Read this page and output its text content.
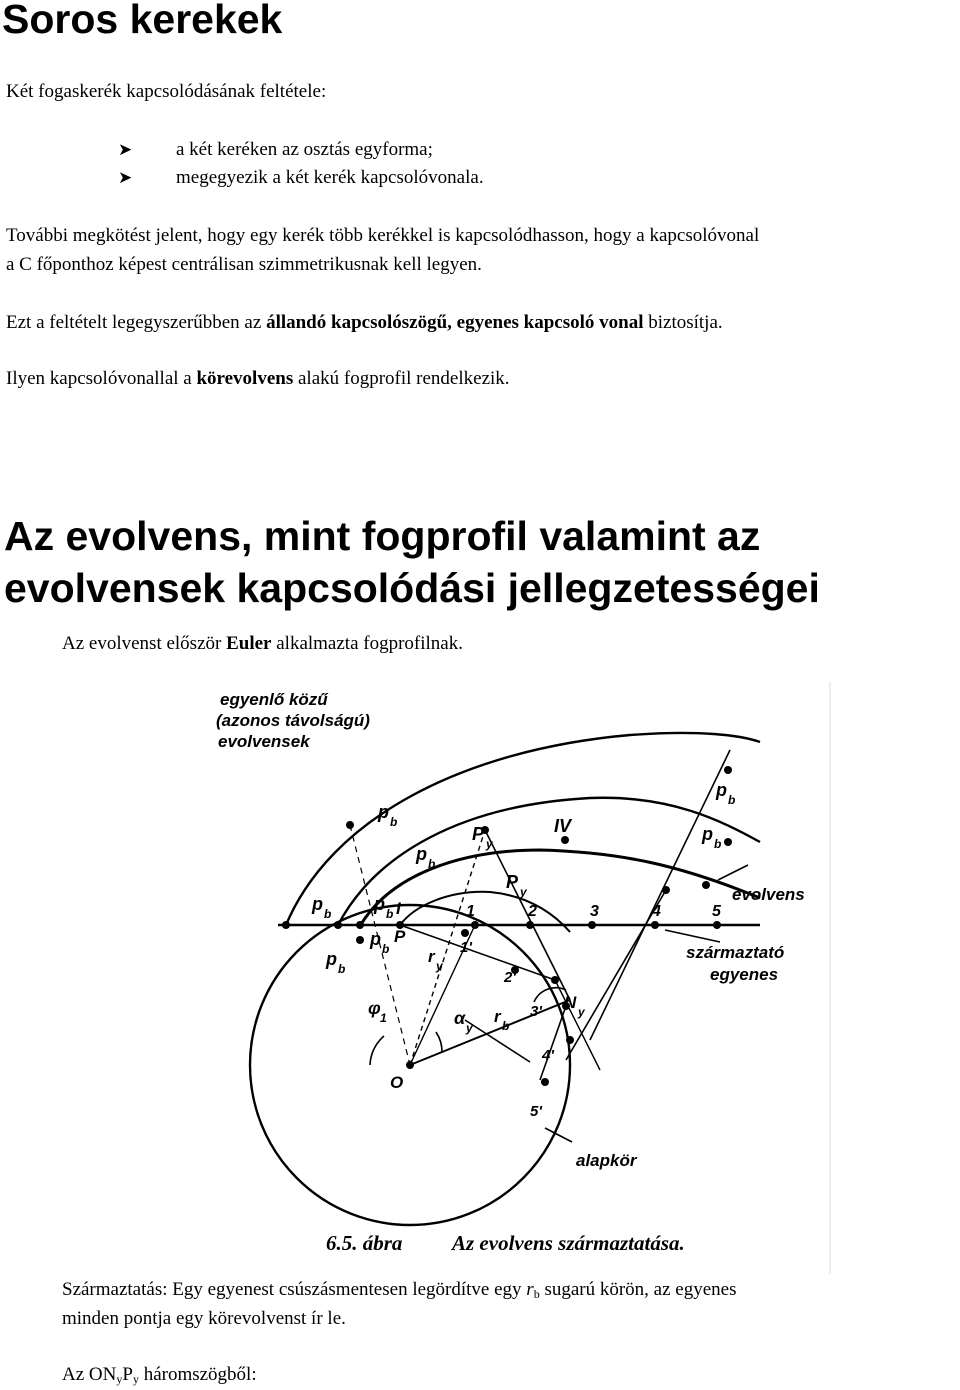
Soros kerekek
Két fogaskerék kapcsolódásának feltétele:
➤	a két keréken az osztás egyforma;
➤	megegyezik a két kerék kapcsolóvonala.
További megkötést jelent, hogy egy kerék több kerékkel is kapcsolódhasson, hogy a kapcsolóvonal
a C főponthoz képest centrálisan szimmetrikusnak kell legyen.
Ezt a feltételt legegyszerűbben az állandó kapcsolószögű, egyenes kapcsoló vonal biztosítja.
Ilyen kapcsolóvonallal a körevolvens alakú fogprofil rendelkezik.
Az evolvens, mint fogprofil valamint az
evolvensek kapcsolódási jellegzetességei
Az evolvenst először Euler alkalmazta fogprofilnak.
egyenlő közű
(azonos távolságú)
evolvensek
evolvens
származtató
egyenes
alapkör
p b
p b
p b p b
p b
p b
p b
p b
P y
P y
IV
I	1	2	3	4	5
1'
2'
3'
4'
5'
P
O
N y
r y
r b
α y
φ 1
6.5. ábra Az evolvens származtatása.
Származtatás: Egy egyenest csúszásmentesen legördítve egy $r_b$ sugarú körön, az egyenes
minden pontja egy körevolvenst ír le.
Az $ON_yP_y$ háromszögből:
